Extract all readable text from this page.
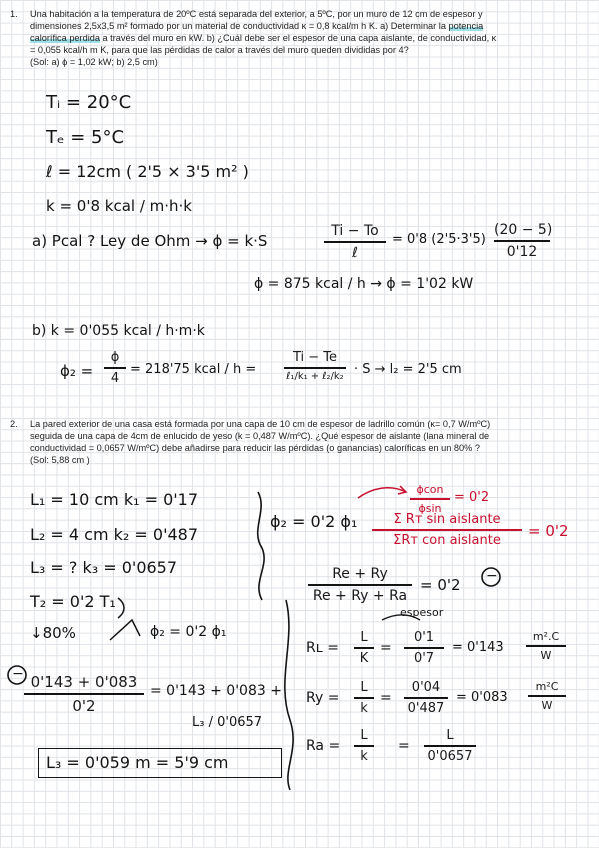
1.	Una habitación a la temperatura de 20ºC está separada del exterior, a 5ºC, por un muro de 12 cm de espesor y

dimensiones 2,5x3,5 m² formado por un material de conductividad κ = 0,8 kcal/m h K. a) Determinar la potencia

calorífica perdida a través del muro en kW. b) ¿Cuál debe ser el espesor de una capa aislante, de conductividad, κ

= 0,055 kcal/h m K, para que las pérdidas de calor a través del muro queden divididas por 4?

(Sol: a) ϕ = 1,02 kW; b) 2,5 cm)

Tᵢ = 20°C
Tₑ = 5°C
ℓ = 12cm ( 2'5 × 3'5 m² )
k = 0'8 kcal / m·h·k
a) Pcal ? Ley de Ohm → ϕ = k·S
Ti − To
ℓ
= 0'8 (2'5·3'5)
(20 − 5)
0'12
ϕ = 875 kcal / h → ϕ = 1'02 kW
b) k = 0'055 kcal / h·m·k
ϕ₂ =
ϕ
4
= 218'75 kcal / h =
Ti − Te
ℓ₁/k₁ + ℓ₂/k₂ · S → l₂ = 2'5 cm
2.	La pared exterior de una casa está formada por una capa de 10 cm de espesor de ladrillo común (κ= 0,7 W/mºC)

seguida de una capa de 4cm de enlucido de yeso (k = 0,487 W/mºC). ¿Qué espesor de aislante (lana mineral de

conductividad = 0,0657 W/mºC) debe añadirse para reducir las pérdidas (o ganancias) caloríficas en un 80% ?

(Sol: 5,88 cm )

L₁ = 10 cm k₁ = 0'17
L₂ = 4 cm k₂ = 0'487
L₃ = ? k₃ = 0'0657
T₂ = 0'2 T₁
↓80%	ϕ₂ = 0'2 ϕ₁
−
−
0'143 + 0'083
0'2
= 0'143 + 0'083 +
L₃ / 0'0657
L₃ = 0'059 m = 5'9 cm
ϕ₂ = 0'2 ϕ₁
ϕcon
ϕsin
= 0'2
Σ Rᴛ sin aislante
ΣRᴛ con aislante	= 0'2
Re + Ry
Re + Ry + Ra
= 0'2
espesor
Rʟ =
L
K
=
0'1
0'7
= 0'143
m².C
W
Ry =
L
k
=
0'04
0'487
= 0'083
m²C
W
Ra =
L
k
=
L
0'0657
